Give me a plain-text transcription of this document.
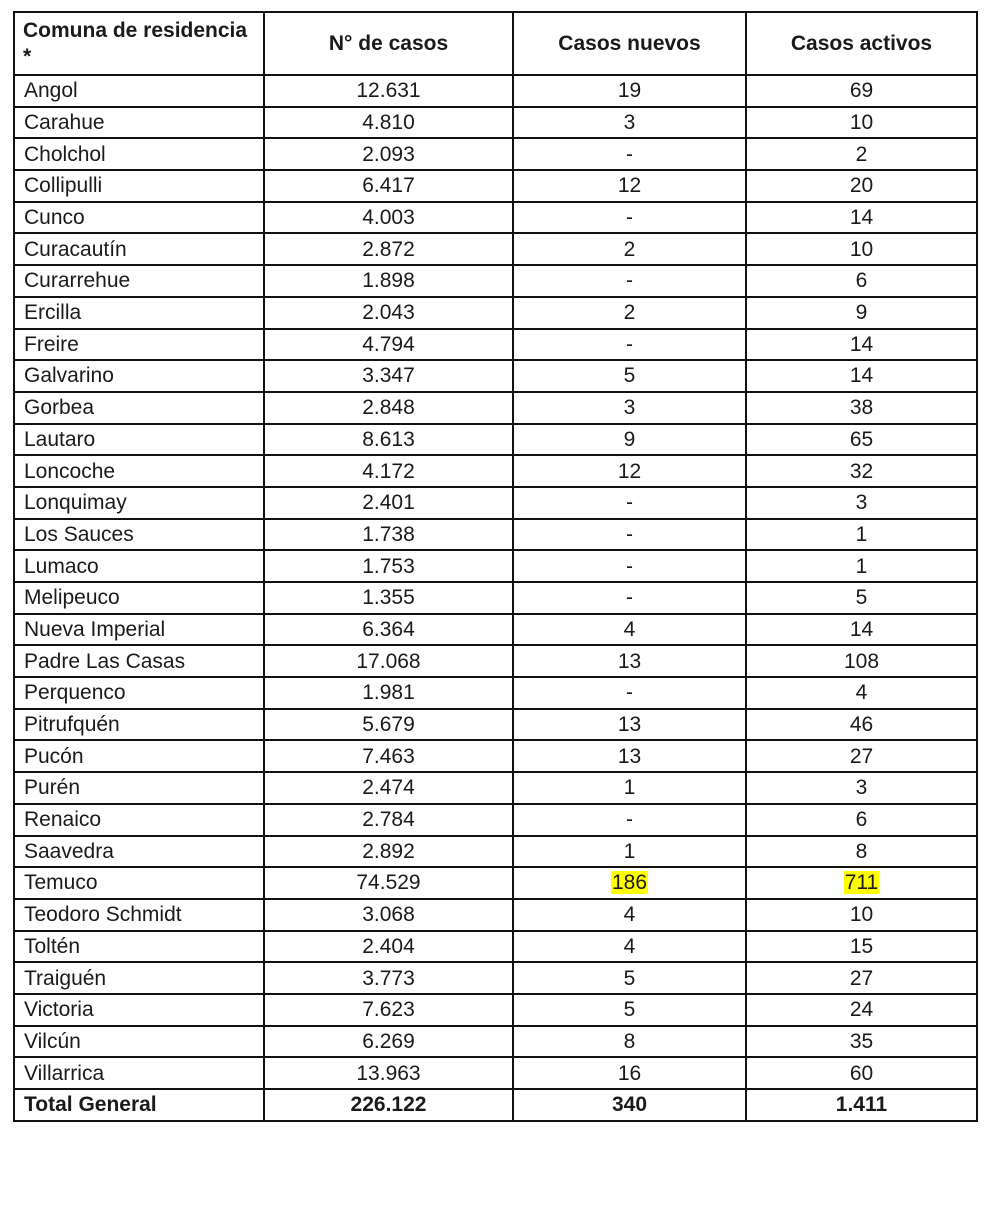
Comuna de residencia *	N° de casos	Casos nuevos	Casos activos
Angol	12.631	19	69
Carahue	4.810	3	10
Cholchol	2.093	-	2
Collipulli	6.417	12	20
Cunco	4.003	-	14
Curacautín	2.872	2	10
Curarrehue	1.898	-	6
Ercilla	2.043	2	9
Freire	4.794	-	14
Galvarino	3.347	5	14
Gorbea	2.848	3	38
Lautaro	8.613	9	65
Loncoche	4.172	12	32
Lonquimay	2.401	-	3
Los Sauces	1.738	-	1
Lumaco	1.753	-	1
Melipeuco	1.355	-	5
Nueva Imperial	6.364	4	14
Padre Las Casas	17.068	13	108
Perquenco	1.981	-	4
Pitrufquén	5.679	13	46
Pucón	7.463	13	27
Purén	2.474	1	3
Renaico	2.784	-	6
Saavedra	2.892	1	8
Temuco	74.529	186	711
Teodoro Schmidt	3.068	4	10
Toltén	2.404	4	15
Traiguén	3.773	5	27
Victoria	7.623	5	24
Vilcún	6.269	8	35
Villarrica	13.963	16	60
Total General	226.122	340	1.411
